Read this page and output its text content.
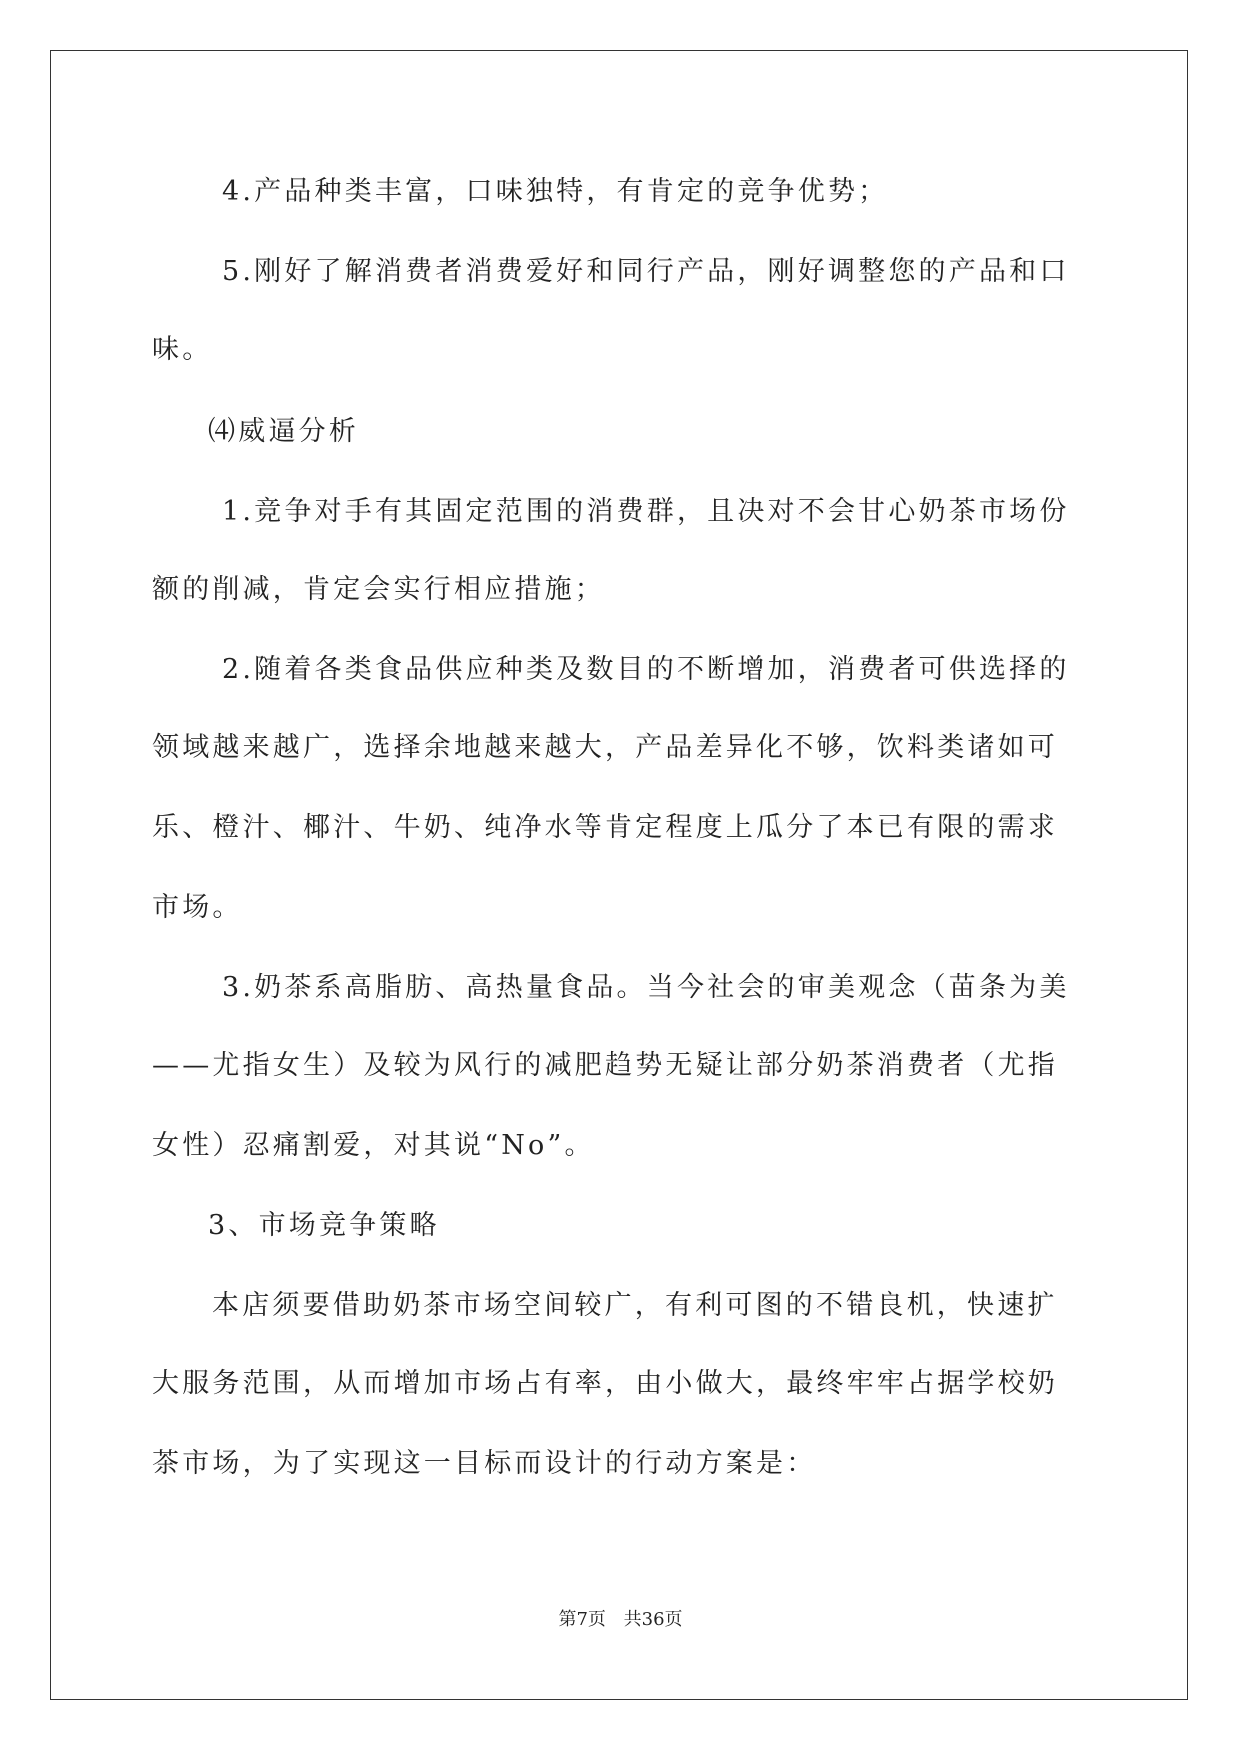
4.产品种类丰富，口味独特，有肯定的竞争优势；
5.刚好了解消费者消费爱好和同行产品，刚好调整您的产品和口
味。
⑷威逼分析
1.竞争对手有其固定范围的消费群，且决对不会甘心奶茶市场份
额的削减，肯定会实行相应措施；
2.随着各类食品供应种类及数目的不断增加，消费者可供选择的
领域越来越广，选择余地越来越大，产品差异化不够，饮料类诸如可
乐、橙汁、椰汁、牛奶、纯净水等肯定程度上瓜分了本已有限的需求
市场。
3.奶茶系高脂肪、高热量食品。当今社会的审美观念（苗条为美
——尤指女生）及较为风行的减肥趋势无疑让部分奶茶消费者（尤指
女性）忍痛割爱，对其说“No”。
3、市场竞争策略
本店须要借助奶茶市场空间较广，有利可图的不错良机，快速扩
大服务范围，从而增加市场占有率，由小做大，最终牢牢占据学校奶
茶市场，为了实现这一目标而设计的行动方案是：
第7页 共36页
